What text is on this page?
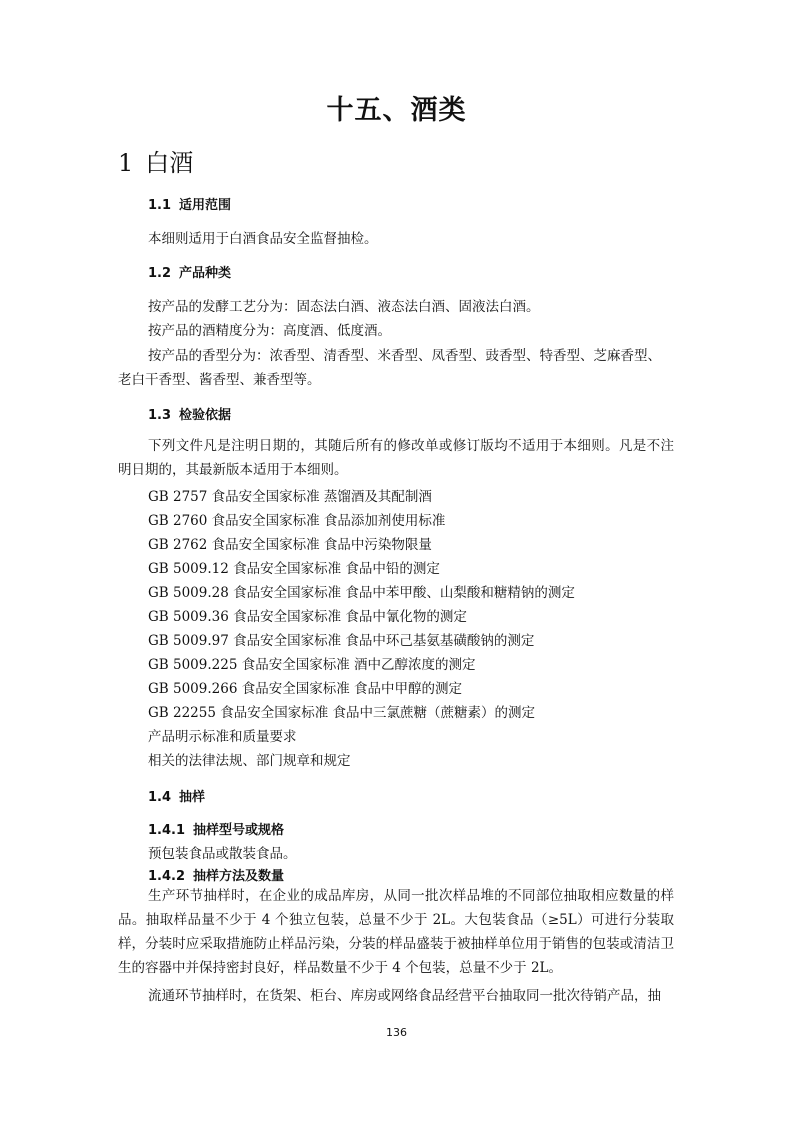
十五、酒类
1 白酒
1.1 适用范围

本细则适用于白酒食品安全监督抽检。

1.2 产品种类

按产品的发酵工艺分为：固态法白酒、液态法白酒、固液法白酒。

按产品的酒精度分为：高度酒、低度酒。

按产品的香型分为：浓香型、清香型、米香型、凤香型、豉香型、特香型、芝麻香型、

老白干香型、酱香型、兼香型等。

1.3 检验依据

下列文件凡是注明日期的，其随后所有的修改单或修订版均不适用于本细则。凡是不注明日期的，其最新版本适用于本细则。

GB 2757 食品安全国家标准 蒸馏酒及其配制酒

GB 2760 食品安全国家标准 食品添加剂使用标准

GB 2762 食品安全国家标准 食品中污染物限量

GB 5009.12 食品安全国家标准 食品中铅的测定

GB 5009.28 食品安全国家标准 食品中苯甲酸、山梨酸和糖精钠的测定

GB 5009.36 食品安全国家标准 食品中氰化物的测定

GB 5009.97 食品安全国家标准 食品中环己基氨基磺酸钠的测定

GB 5009.225 食品安全国家标准 酒中乙醇浓度的测定

GB 5009.266 食品安全国家标准 食品中甲醇的测定

GB 22255 食品安全国家标准 食品中三氯蔗糖（蔗糖素）的测定

产品明示标准和质量要求

相关的法律法规、部门规章和规定

1.4 抽样
1.4.1 抽样型号或规格

预包装食品或散装食品。

1.4.2 抽样方法及数量

生产环节抽样时，在企业的成品库房，从同一批次样品堆的不同部位抽取相应数量的样品。抽取样品量不少于 4 个独立包装，总量不少于 2L。大包装食品（≥5L）可进行分装取样，分装时应采取措施防止样品污染，分装的样品盛装于被抽样单位用于销售的包装或清洁卫生的容器中并保持密封良好，样品数量不少于 4 个包装，总量不少于 2L。

流通环节抽样时，在货架、柜台、库房或网络食品经营平台抽取同一批次待销产品，抽

136
